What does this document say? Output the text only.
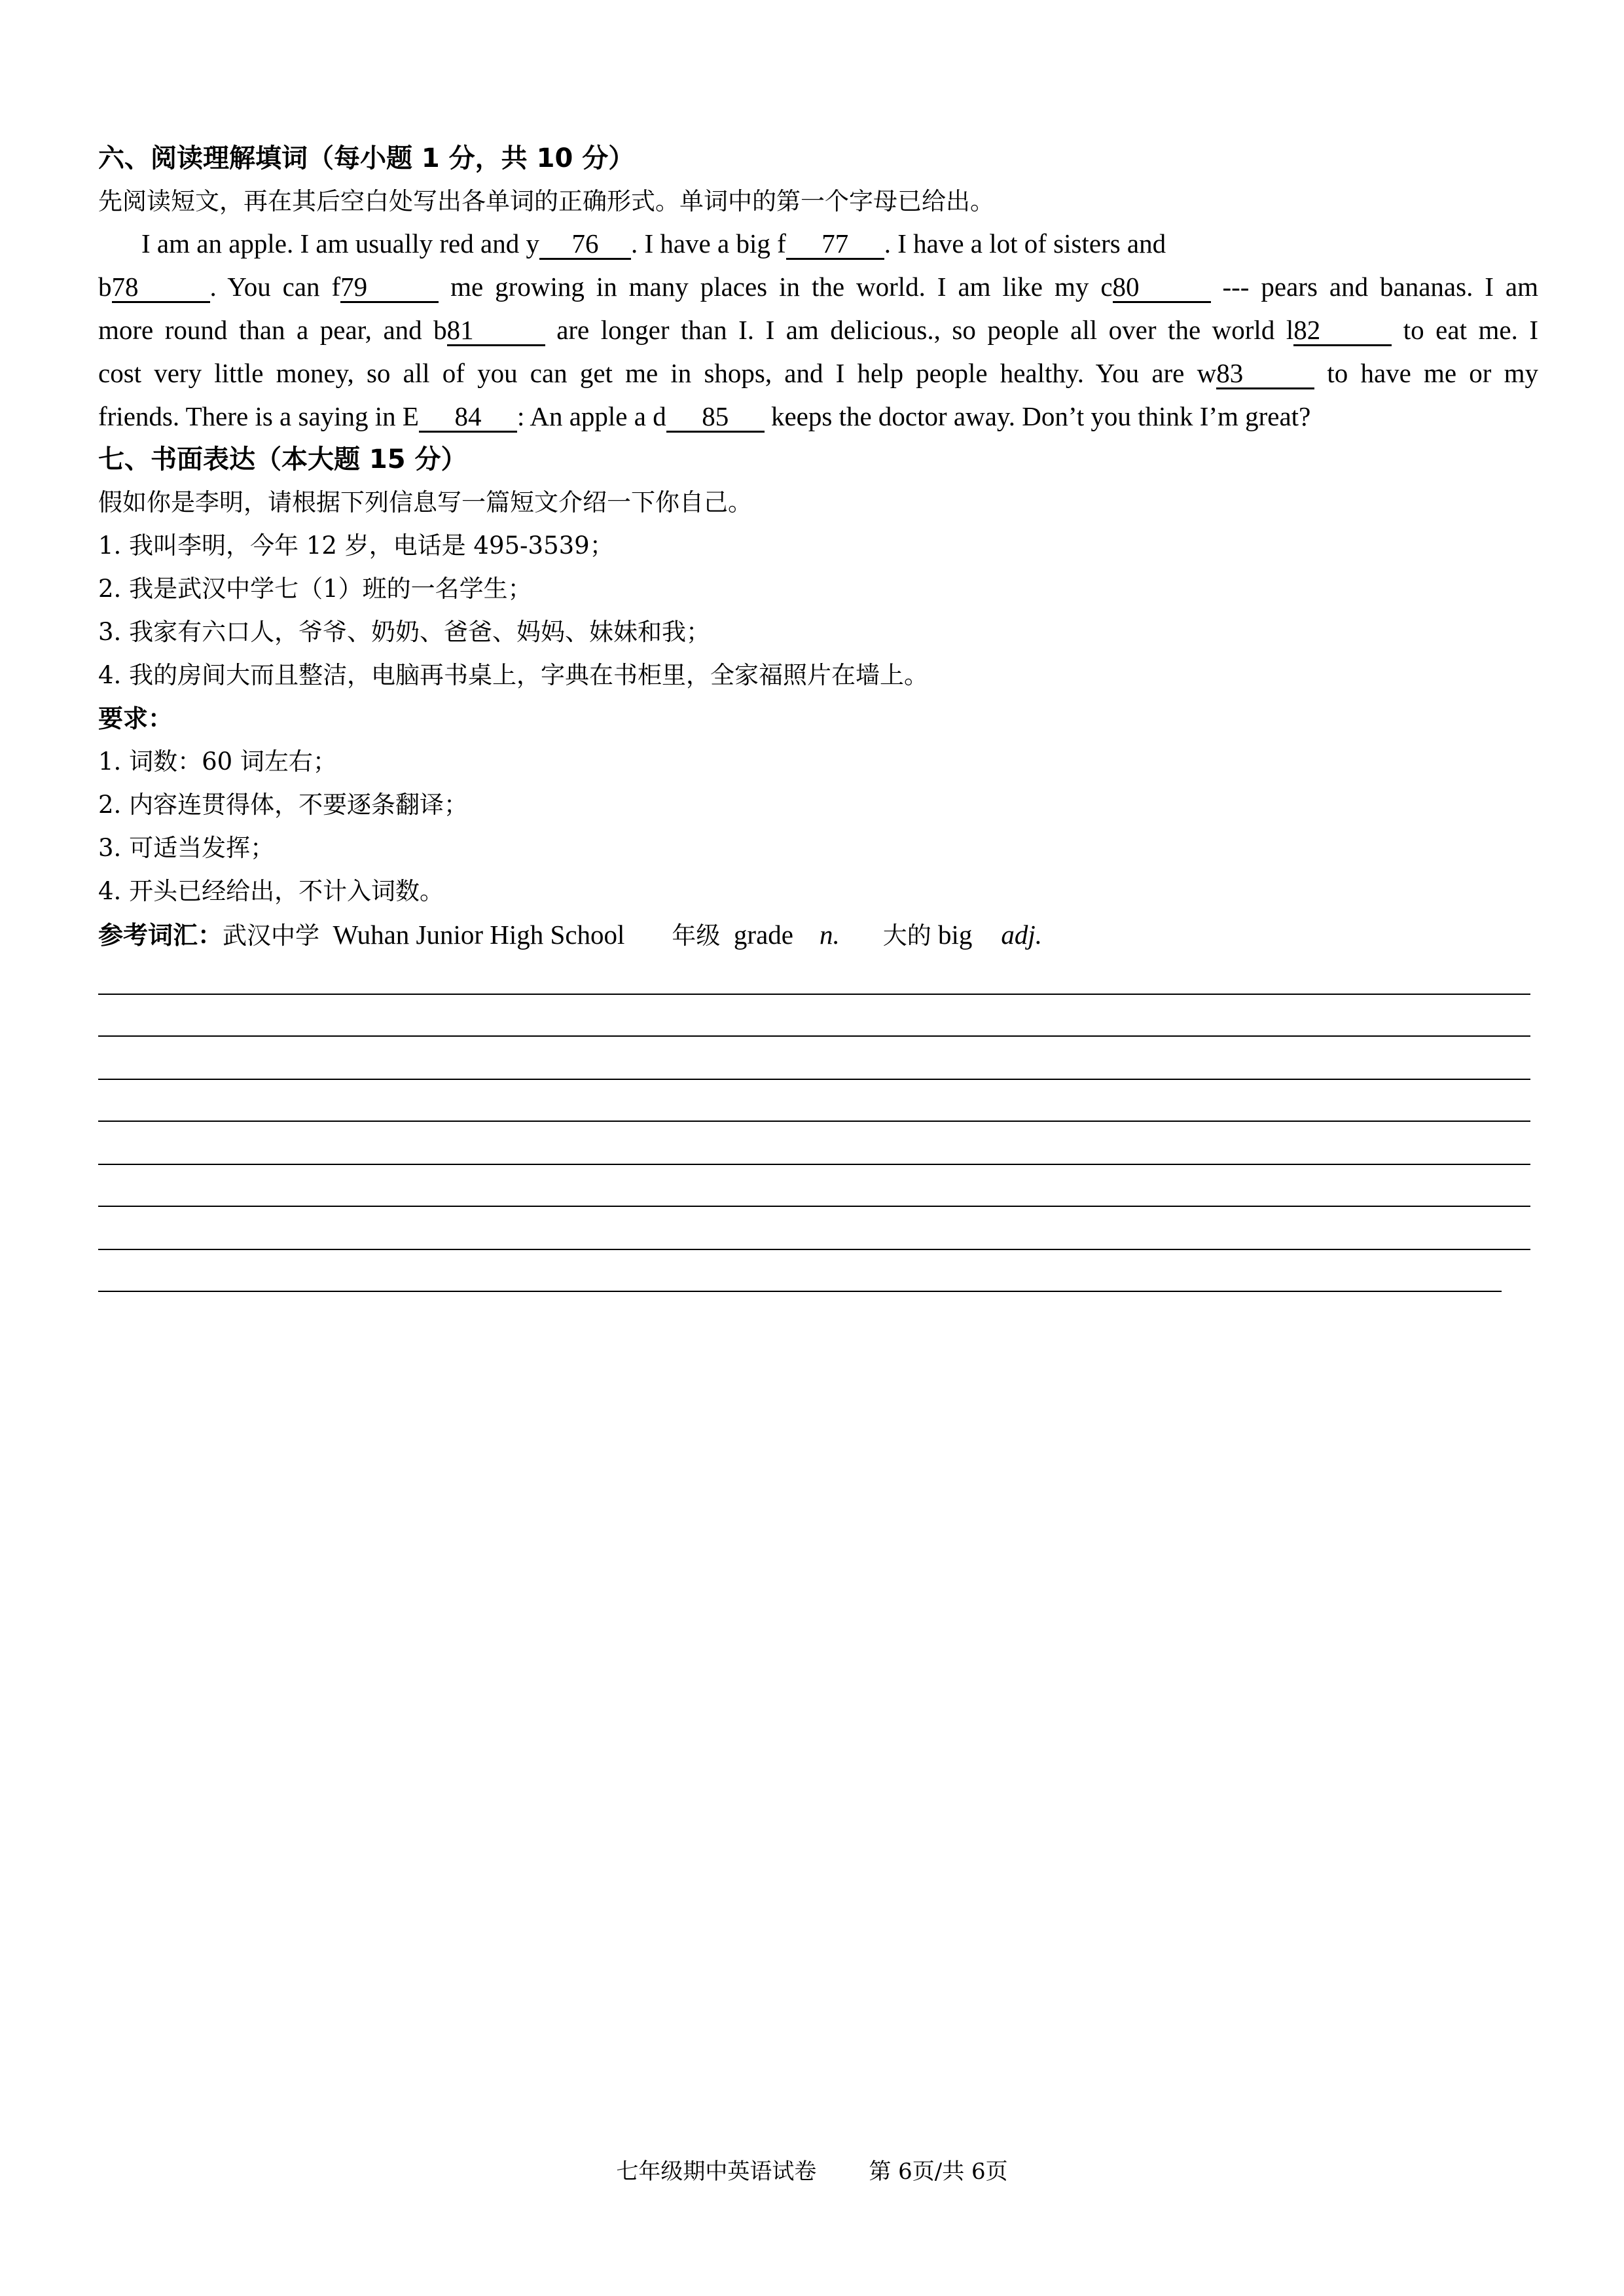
六、阅读理解填词（每小题 1 分，共 10 分）
先阅读短文，再在其后空白处写出各单词的正确形式。单词中的第一个字母已给出。
I am an apple. I am usually red and y 76 . I have a big f 77 . I have a lot of sisters and
b78	. You can f79	me growing in many places in the world. I am like my c80	--- pears and bananas. I am
more round than a pear, and b81	are longer than I. I am delicious., so people all over the world l82	to eat me. I
cost very little money, so all of you can get me in shops, and I help people healthy. You are w83	to have me or my
friends. There is a saying in E 84 : An apple a d 85 keeps the doctor away. Don’t you think I’m great?
七、书面表达（本大题 15 分）
假如你是李明，请根据下列信息写一篇短文介绍一下你自己。
1. 我叫李明，今年 12 岁，电话是 495-3539；
2. 我是武汉中学七（1）班的一名学生；
3. 我家有六口人，爷爷、奶奶、爸爸、妈妈、妹妹和我；
4. 我的房间大而且整洁，电脑再书桌上，字典在书柜里，全家福照片在墙上。
要求：
1. 词数：60 词左右；
2. 内容连贯得体，不要逐条翻译；
3. 可适当发挥；
4. 开头已经给出，不计入词数。
参考词汇：武汉中学 Wuhan Junior High School 年级 grade n. 大的 big adj.
七年级期中英语试卷 第 6页/共 6页
